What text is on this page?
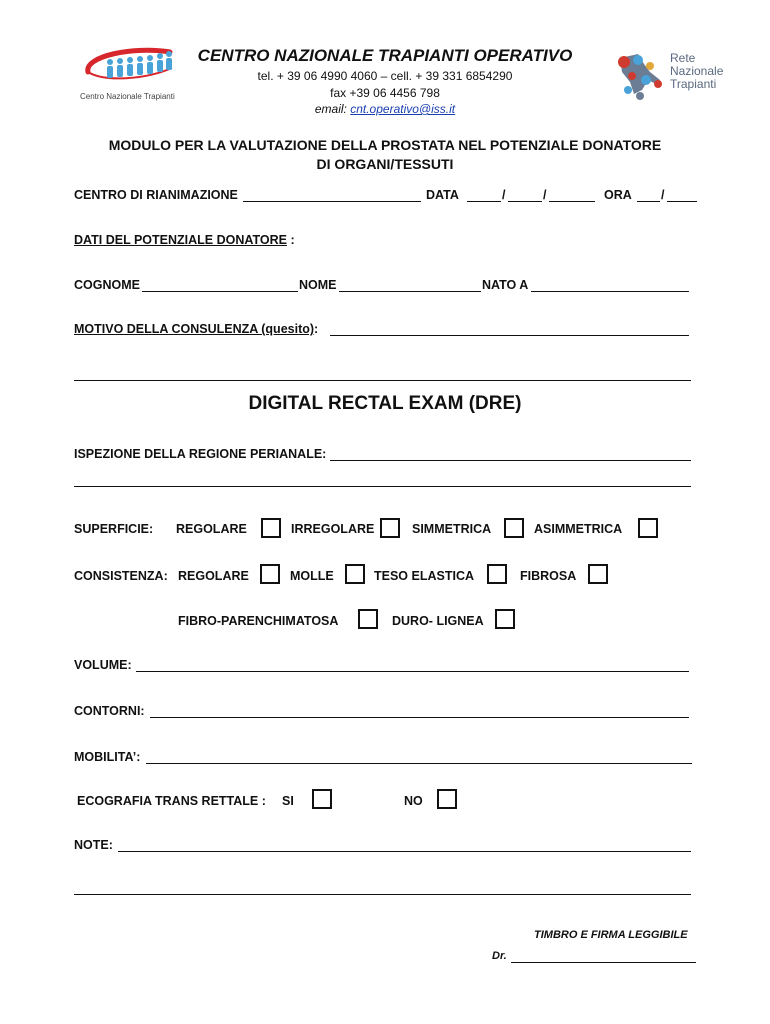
Centro Nazionale Trapianti
CENTRO NAZIONALE TRAPIANTI OPERATIVO
tel. + 39 06 4990 4060 – cell. + 39 331 6854290
fax +39 06 4456 798
email: cnt.operativo@iss.it
Rete
Nazionale
Trapianti
MODULO PER LA VALUTAZIONE DELLA PROSTATA NEL POTENZIALE DONATORE
DI ORGANI/TESSUTI
CENTRO DI RIANIMAZIONE	DATA	/	/	ORA /
DATI DEL POTENZIALE DONATORE :
COGNOME	NOME	NATO A
MOTIVO DELLA CONSULENZA (quesito):
DIGITAL RECTAL EXAM (DRE)
ISPEZIONE DELLA REGIONE PERIANALE:
SUPERFICIE: REGOLARE	IRREGOLARE	SIMMETRICA	ASIMMETRICA
CONSISTENZA: REGOLARE	MOLLE	TESO ELASTICA	FIBROSA
FIBRO-PARENCHIMATOSA	DURO- LIGNEA
VOLUME:
CONTORNI:
MOBILITA’:
ECOGRAFIA TRANS RETTALE : SI	NO
NOTE:
TIMBRO E FIRMA LEGGIBILE
Dr.
